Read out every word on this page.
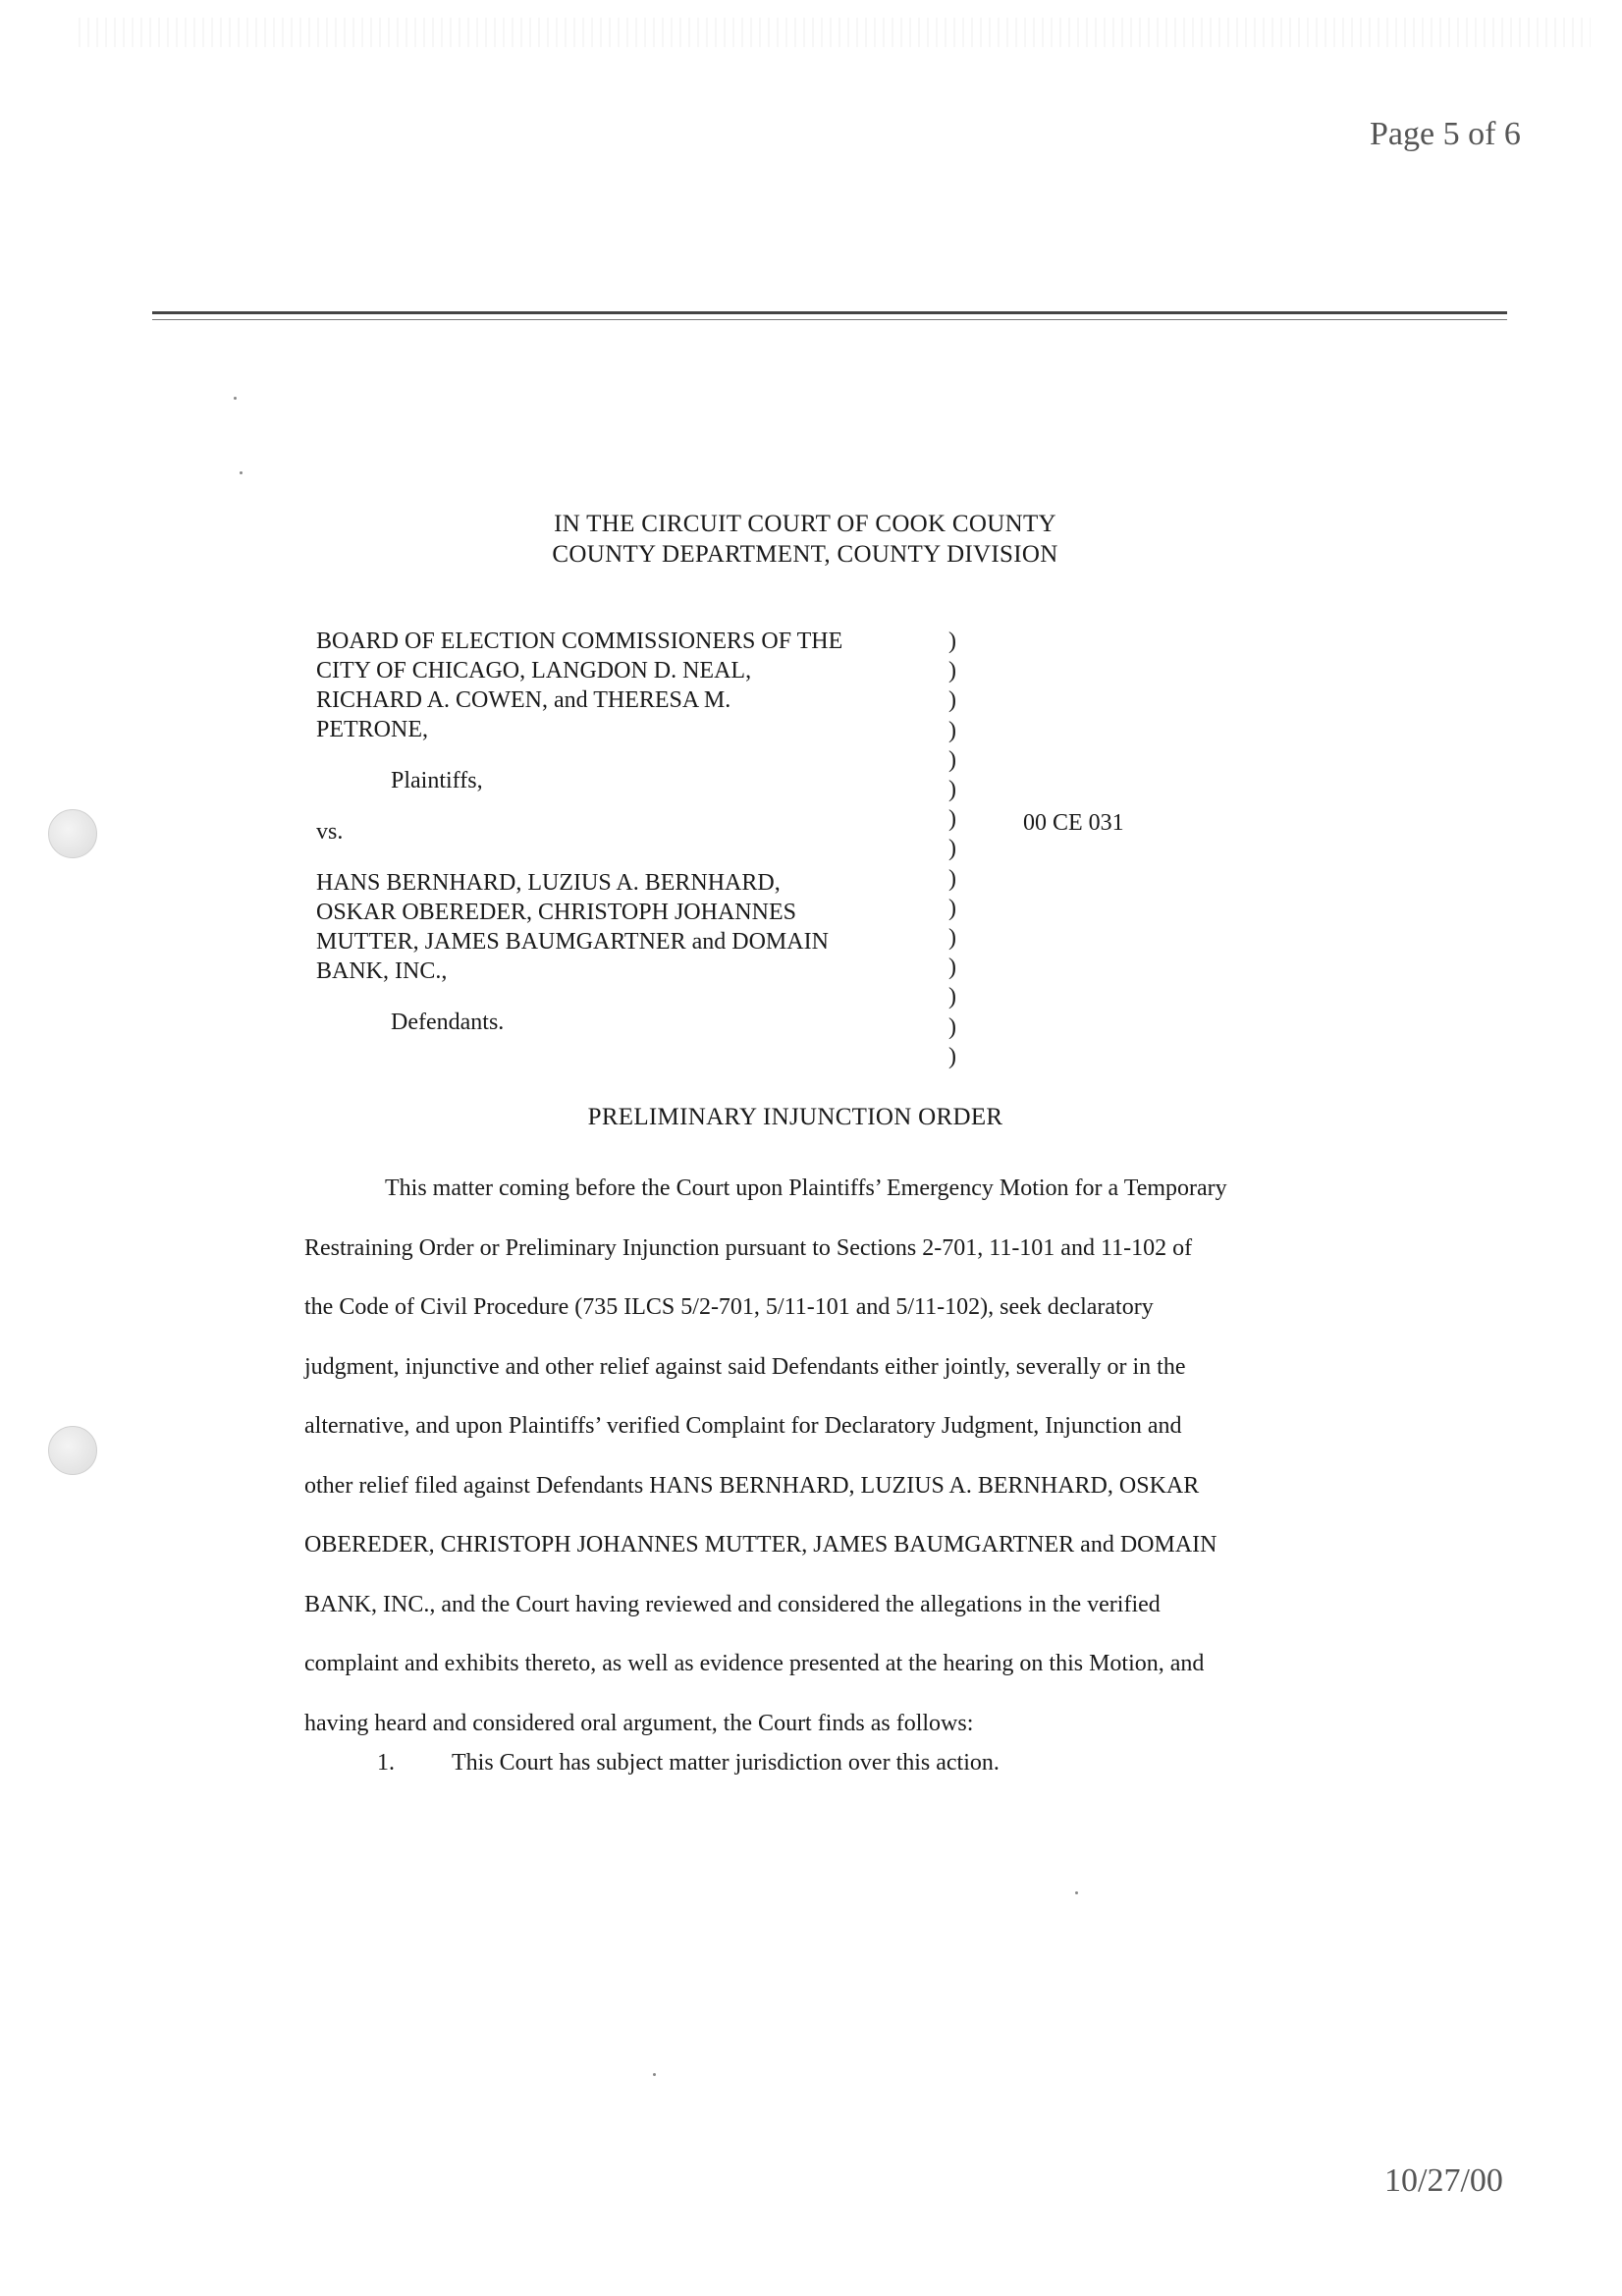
Page 5 of 6
IN THE CIRCUIT COURT OF COOK COUNTY
COUNTY DEPARTMENT, COUNTY DIVISION

BOARD OF ELECTION COMMISSIONERS OF THE

CITY OF CHICAGO, LANGDON D. NEAL,

RICHARD A. COWEN, and THERESA M.

PETRONE,

Plaintiffs,

vs.

HANS BERNHARD, LUZIUS A. BERNHARD,

OSKAR OBEREDER, CHRISTOPH JOHANNES

MUTTER, JAMES BAUMGARTNER and DOMAIN

BANK, INC.,

Defendants.

)
)
)
)
)
)
)
)
)
)
)
)
)
)
)
00 CE 031
PRELIMINARY INJUNCTION ORDER

This matter coming before the Court upon Plaintiffs’ Emergency Motion for a Temporary

Restraining Order or Preliminary Injunction pursuant to Sections 2-701, 11-101 and 11-102 of

the Code of Civil Procedure (735 ILCS 5/2-701, 5/11-101 and 5/11-102), seek declaratory

judgment, injunctive and other relief against said Defendants either jointly, severally or in the

alternative, and upon Plaintiffs’ verified Complaint for Declaratory Judgment, Injunction and

other relief filed against Defendants HANS BERNHARD, LUZIUS A. BERNHARD, OSKAR

OBEREDER, CHRISTOPH JOHANNES MUTTER, JAMES BAUMGARTNER and DOMAIN

BANK, INC., and the Court having reviewed and considered the allegations in the verified

complaint and exhibits thereto, as well as evidence presented at the hearing on this Motion, and

having heard and considered oral argument, the Court finds as follows:

1. This Court has subject matter jurisdiction over this action.
10/27/00
